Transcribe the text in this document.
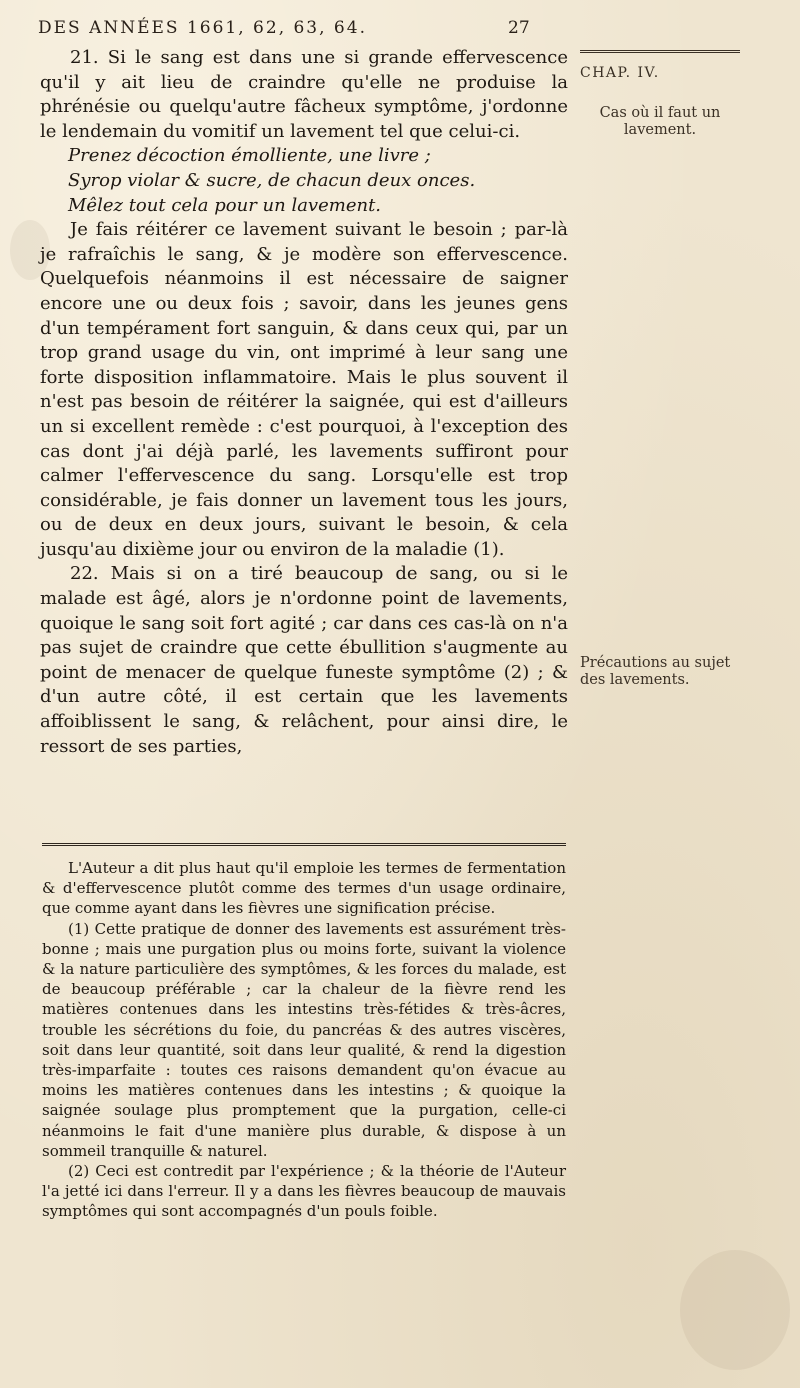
DES ANNÉES 1661, 62, 63, 64.	27
CHAP. IV.
Cas où il faut un lavement.
Précautions au sujet des lavements.

21. Si le sang est dans une si grande effervescence qu'il y ait lieu de craindre qu'elle ne produise la phrénésie ou quelqu'autre fâcheux symptôme, j'ordonne le lendemain du vomitif un lavement tel que celui-ci.

Prenez décoction émolliente, une livre ;

Syrop violar & sucre, de chacun deux onces.

Mêlez tout cela pour un lavement.

Je fais réitérer ce lavement suivant le besoin ; par-là je rafraîchis le sang, & je modère son effervescence. Quelquefois néanmoins il est nécessaire de saigner encore une ou deux fois ; savoir, dans les jeunes gens d'un tempérament fort sanguin, & dans ceux qui, par un trop grand usage du vin, ont imprimé à leur sang une forte disposition inflammatoire. Mais le plus souvent il n'est pas besoin de réitérer la saignée, qui est d'ailleurs un si excellent remède : c'est pourquoi, à l'exception des cas dont j'ai déjà parlé, les lavements suffiront pour calmer l'effervescence du sang. Lorsqu'elle est trop considérable, je fais donner un lavement tous les jours, ou de deux en deux jours, suivant le besoin, & cela jusqu'au dixième jour ou environ de la maladie (1).

22. Mais si on a tiré beaucoup de sang, ou si le malade est âgé, alors je n'ordonne point de lavements, quoique le sang soit fort agité ; car dans ces cas-là on n'a pas sujet de craindre que cette ébullition s'augmente au point de menacer de quelque funeste symptôme (2) ; & d'un autre côté, il est certain que les lavements affoiblissent le sang, & relâchent, pour ainsi dire, le ressort de ses parties,

L'Auteur a dit plus haut qu'il emploie les termes de fermentation & d'effervescence plutôt comme des termes d'un usage ordinaire, que comme ayant dans les fièvres une signification précise.

(1) Cette pratique de donner des lavements est assurément très-bonne ; mais une purgation plus ou moins forte, suivant la violence & la nature particulière des symptômes, & les forces du malade, est de beaucoup préférable ; car la chaleur de la fièvre rend les matières contenues dans les intestins très-fétides & très-âcres, trouble les sécrétions du foie, du pancréas & des autres viscères, soit dans leur quantité, soit dans leur qualité, & rend la digestion très-imparfaite : toutes ces raisons demandent qu'on évacue au moins les matières contenues dans les intestins ; & quoique la saignée soulage plus promptement que la purgation, celle-ci néanmoins le fait d'une manière plus durable, & dispose à un sommeil tranquille & naturel.

(2) Ceci est contredit par l'expérience ; & la théorie de l'Auteur l'a jetté ici dans l'erreur. Il y a dans les fièvres beaucoup de mauvais symptômes qui sont accompagnés d'un pouls foible.
